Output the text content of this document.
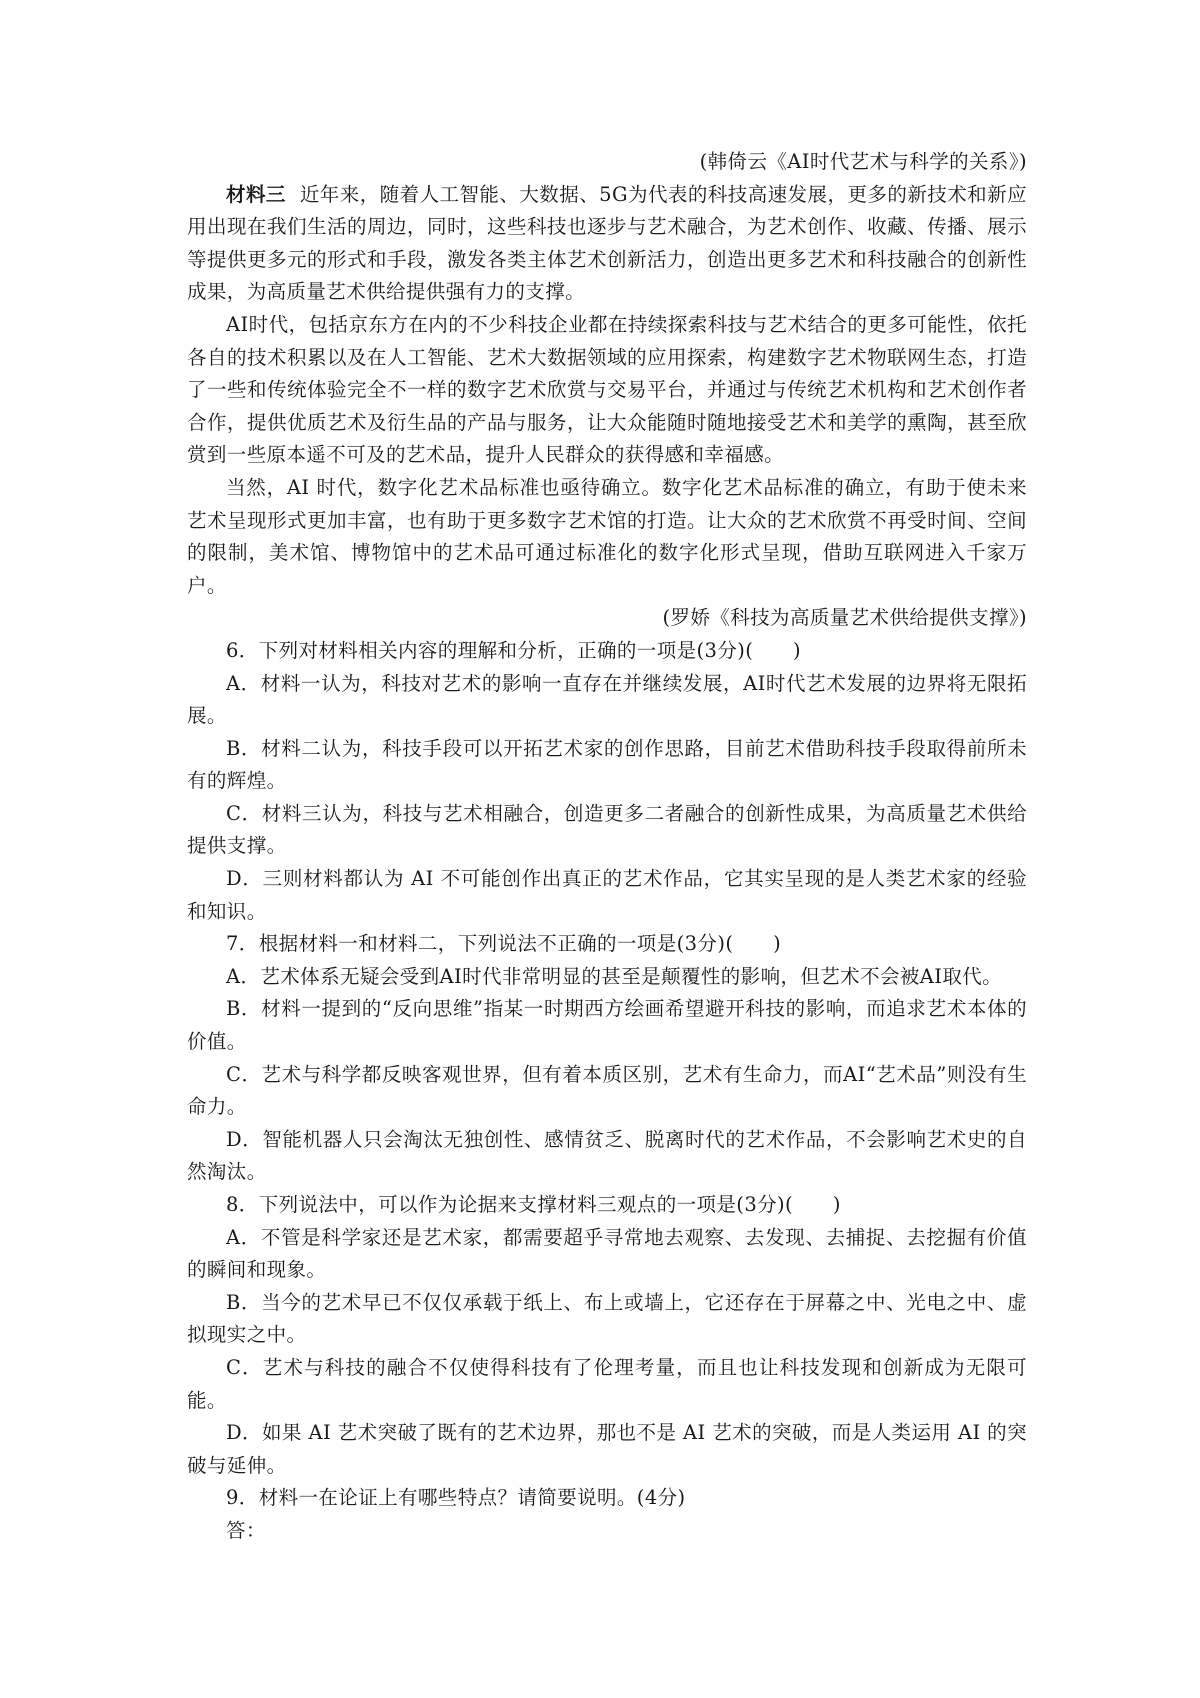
(韩倚云《AI时代艺术与科学的关系》)

材料三 近年来，随着人工智能、大数据、5G为代表的科技高速发展，更多的新技术和新应用出现在我们生活的周边，同时，这些科技也逐步与艺术融合，为艺术创作、收藏、传播、展示等提供更多元的形式和手段，激发各类主体艺术创新活力，创造出更多艺术和科技融合的创新性成果，为高质量艺术供给提供强有力的支撑。

AI时代，包括京东方在内的不少科技企业都在持续探索科技与艺术结合的更多可能性，依托各自的技术积累以及在人工智能、艺术大数据领域的应用探索，构建数字艺术物联网生态，打造了一些和传统体验完全不一样的数字艺术欣赏与交易平台，并通过与传统艺术机构和艺术创作者合作，提供优质艺术及衍生品的产品与服务，让大众能随时随地接受艺术和美学的熏陶，甚至欣赏到一些原本遥不可及的艺术品，提升人民群众的获得感和幸福感。

当然，AI 时代，数字化艺术品标准也亟待确立。数字化艺术品标准的确立，有助于使未来艺术呈现形式更加丰富，也有助于更多数字艺术馆的打造。让大众的艺术欣赏不再受时间、空间的限制，美术馆、博物馆中的艺术品可通过标准化的数字化形式呈现，借助互联网进入千家万户。

(罗娇《科技为高质量艺术供给提供支撑》)

6．下列对材料相关内容的理解和分析，正确的一项是(3分)(　　)

A．材料一认为，科技对艺术的影响一直存在并继续发展，AI时代艺术发展的边界将无限拓展。

B．材料二认为，科技手段可以开拓艺术家的创作思路，目前艺术借助科技手段取得前所未有的辉煌。

C．材料三认为，科技与艺术相融合，创造更多二者融合的创新性成果，为高质量艺术供给提供支撑。

D．三则材料都认为 AI 不可能创作出真正的艺术作品，它其实呈现的是人类艺术家的经验和知识。

7．根据材料一和材料二，下列说法不正确的一项是(3分)(　　)

A．艺术体系无疑会受到AI时代非常明显的甚至是颠覆性的影响，但艺术不会被AI取代。

B．材料一提到的“反向思维”指某一时期西方绘画希望避开科技的影响，而追求艺术本体的价值。

C．艺术与科学都反映客观世界，但有着本质区别，艺术有生命力，而AI“艺术品”则没有生命力。

D．智能机器人只会淘汰无独创性、感情贫乏、脱离时代的艺术作品，不会影响艺术史的自然淘汰。

8．下列说法中，可以作为论据来支撑材料三观点的一项是(3分)(　　)

A．不管是科学家还是艺术家，都需要超乎寻常地去观察、去发现、去捕捉、去挖掘有价值的瞬间和现象。

B．当今的艺术早已不仅仅承载于纸上、布上或墙上，它还存在于屏幕之中、光电之中、虚拟现实之中。

C．艺术与科技的融合不仅使得科技有了伦理考量，而且也让科技发现和创新成为无限可能。

D．如果 AI 艺术突破了既有的艺术边界，那也不是 AI 艺术的突破，而是人类运用 AI 的突破与延伸。

9．材料一在论证上有哪些特点？请简要说明。(4分)

答：
